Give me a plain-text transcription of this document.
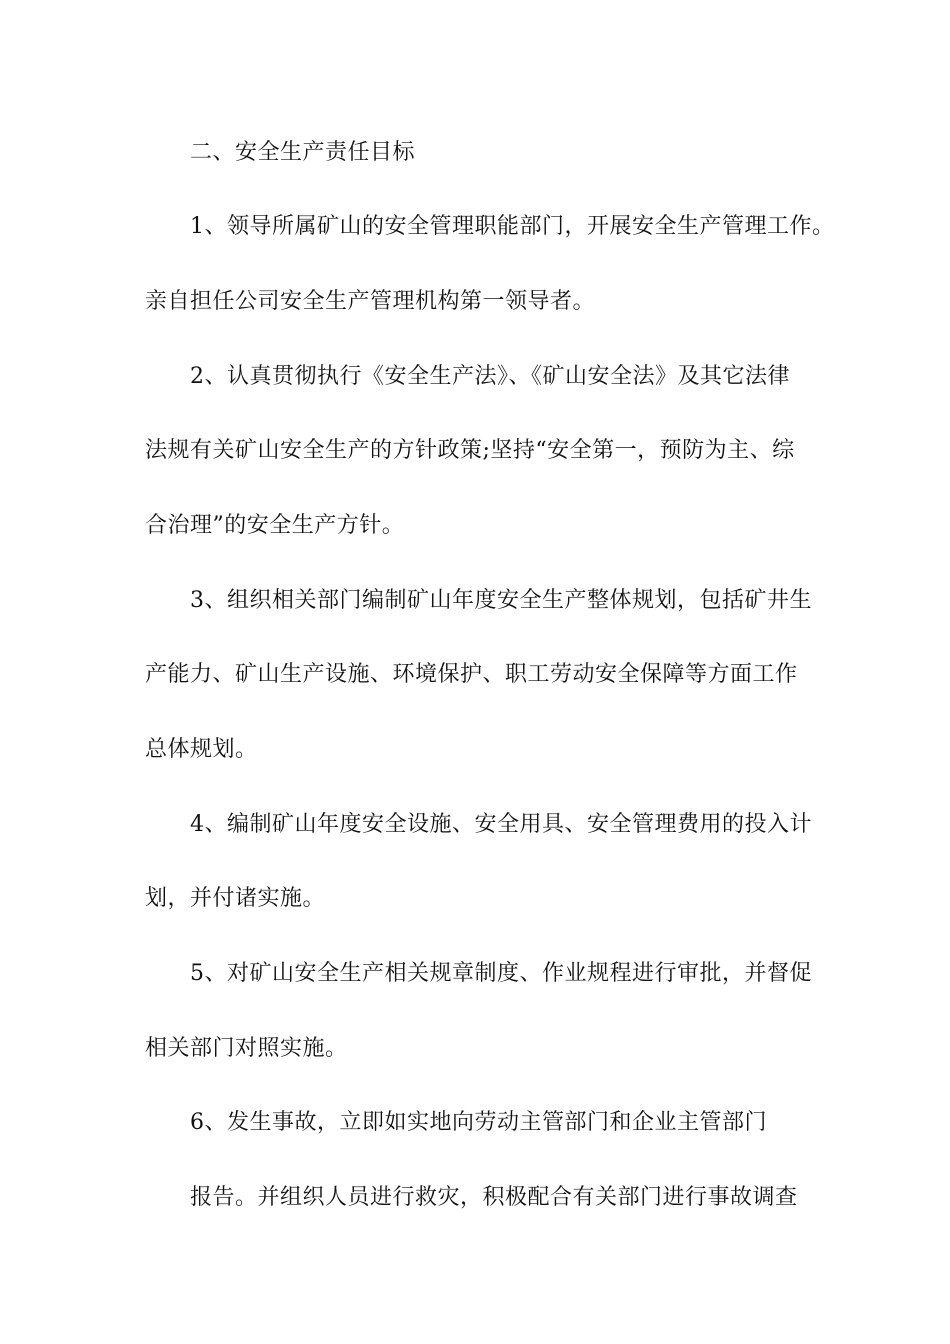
二、安全生产责任目标
1、领导所属矿山的安全管理职能部门，开展安全生产管理工作。
亲自担任公司安全生产管理机构第一领导者。
2、认真贯彻执行《安全生产法》、《矿山安全法》及其它法律
法规有关矿山安全生产的方针政策;坚持“安全第一，预防为主、综
合治理”的安全生产方针。
3、组织相关部门编制矿山年度安全生产整体规划，包括矿井生
产能力、矿山生产设施、环境保护、职工劳动安全保障等方面工作
总体规划。
4、编制矿山年度安全设施、安全用具、安全管理费用的投入计
划，并付诸实施。
5、对矿山安全生产相关规章制度、作业规程进行审批，并督促
相关部门对照实施。
6、发生事故，立即如实地向劳动主管部门和企业主管部门
报告。并组织人员进行救灾，积极配合有关部门进行事故调查
